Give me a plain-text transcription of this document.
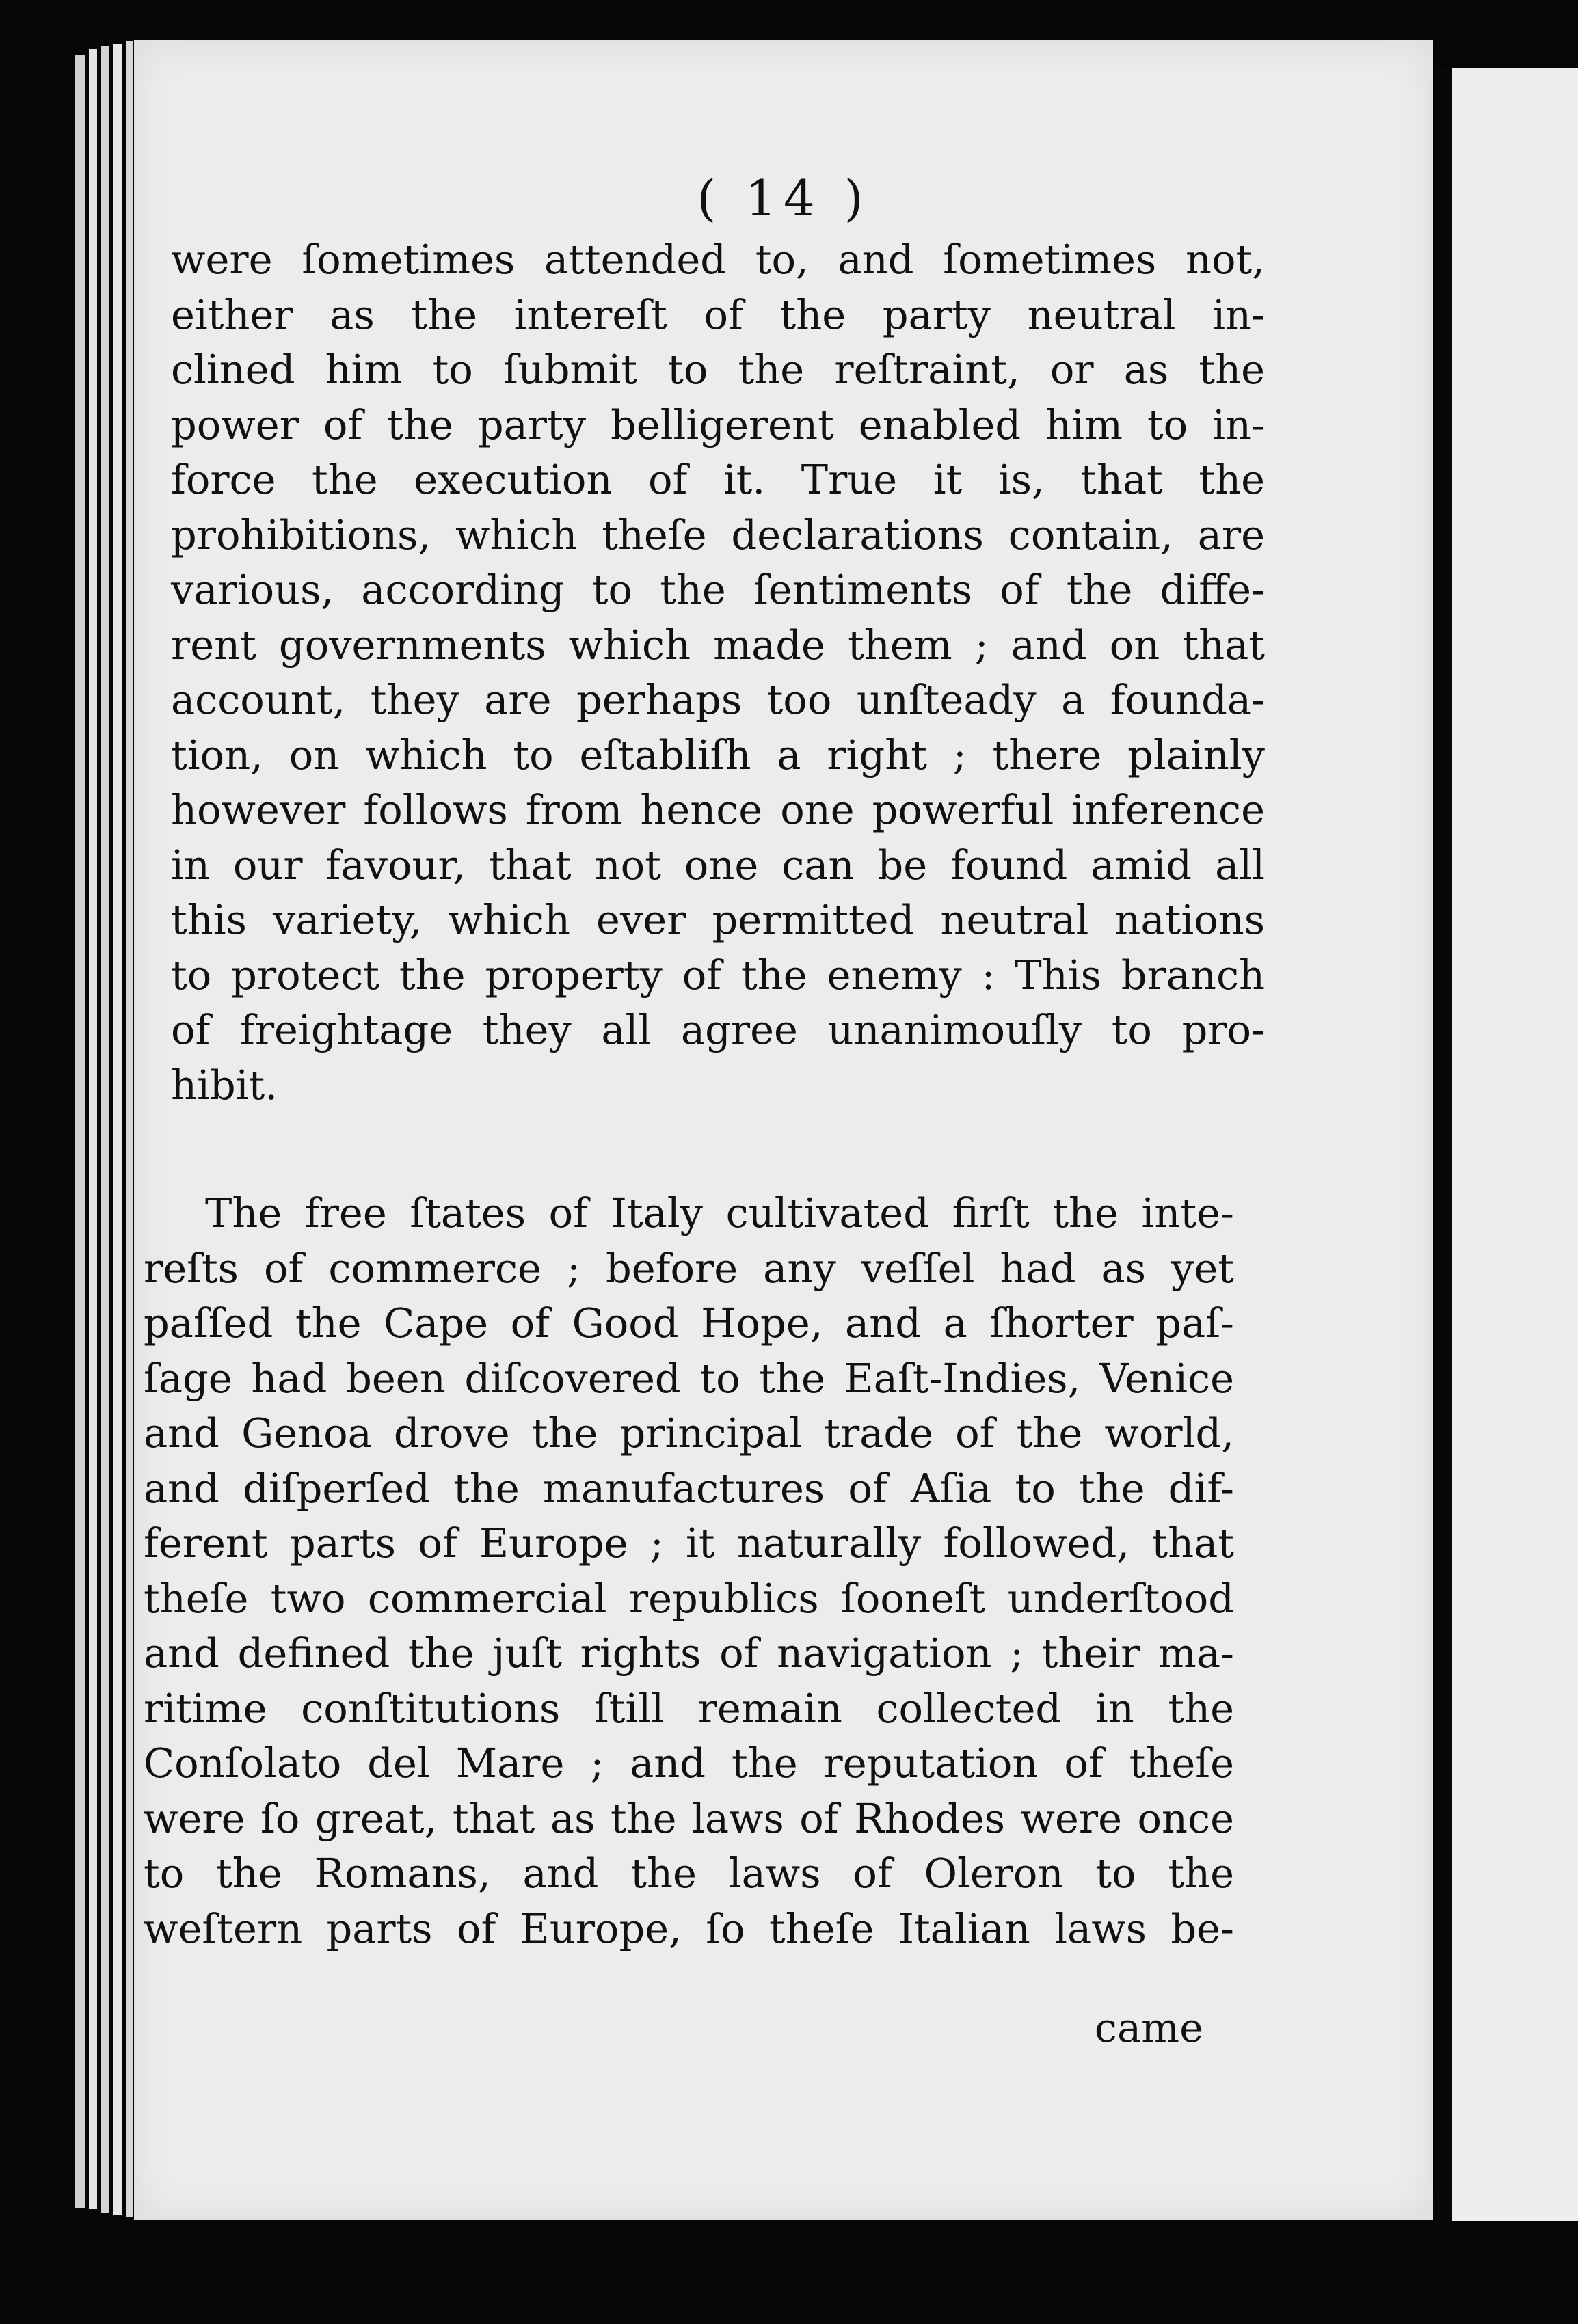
( 14 )
were ſometimes attended to, and ſometimes not,
either as the intereſt of the party neutral in-
clined him to ſubmit to the reſtraint, or as the
power of the party belligerent enabled him to in-
force the execution of it. True it is, that the
prohibitions, which theſe declarations contain, are
various, according to the ſentiments of the diffe-
rent governments which made them ; and on that
account, they are perhaps too unſteady a founda-
tion, on which to eſtabliſh a right ; there plainly
however follows from hence one powerful inference
in our favour, that not one can be found amid all
this variety, which ever permitted neutral nations
to protect the property of the enemy : This branch
of freightage they all agree unanimouſly to pro-
hibit.
The free ſtates of Italy cultivated firſt the inte-
reſts of commerce ; before any veſſel had as yet
paſſed the Cape of Good Hope, and a ſhorter paſ-
ſage had been diſcovered to the Eaſt-Indies, Venice
and Genoa drove the principal trade of the world,
and diſperſed the manufactures of Aſia to the dif-
ferent parts of Europe ; it naturally followed, that
theſe two commercial republics ſooneſt underſtood
and defined the juſt rights of navigation ; their ma-
ritime conſtitutions ſtill remain collected in the
Conſolato del Mare ; and the reputation of theſe
were ſo great, that as the laws of Rhodes were once
to the Romans, and the laws of Oleron to the
weſtern parts of Europe, ſo theſe Italian laws be-
came
